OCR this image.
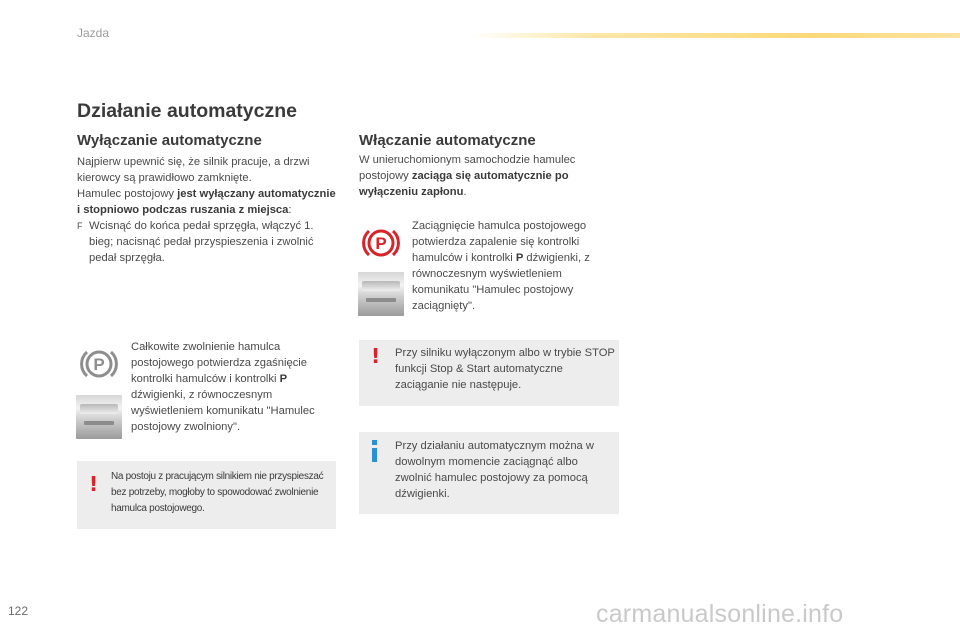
Jazda
Działanie automatyczne
Wyłączanie automatyczne
Najpierw upewnić się, że silnik pracuje, a drzwi kierowcy są prawidłowo zamknięte.
Hamulec postojowy jest wyłączany automatycznie i stopniowo podczas ruszania z miejsca:

F Wcisnąć do końca pedał sprzęgła, włączyć 1. bieg; nacisnąć pedał przyspieszenia i zwolnić pedał sprzęgła.
P
Całkowite zwolnienie hamulca postojowego potwierdza zgaśnięcie kontrolki hamulców i kontrolki P dźwigienki, z równoczesnym wyświetleniem komunikatu "Hamulec postojowy zwolniony".
! Na postoju z pracującym silnikiem nie przyspieszać bez potrzeby, mogłoby to spowodować zwolnienie hamulca postojowego.
Włączanie automatyczne
W unieruchomionym samochodzie hamulec postojowy zaciąga się automatycznie po wyłączeniu zapłonu.
P
Zaciągnięcie hamulca postojowego potwierdza zapalenie się kontrolki hamulców i kontrolki P dźwigienki, z równoczesnym wyświetleniem komunikatu "Hamulec postojowy zaciągnięty".
! Przy silniku wyłączonym albo w trybie STOP funkcji Stop & Start automatyczne zaciąganie nie następuje.
Przy działaniu automatycznym można w dowolnym momencie zaciągnąć albo zwolnić hamulec postojowy za pomocą dźwigienki.
122	carmanualsonline.info
